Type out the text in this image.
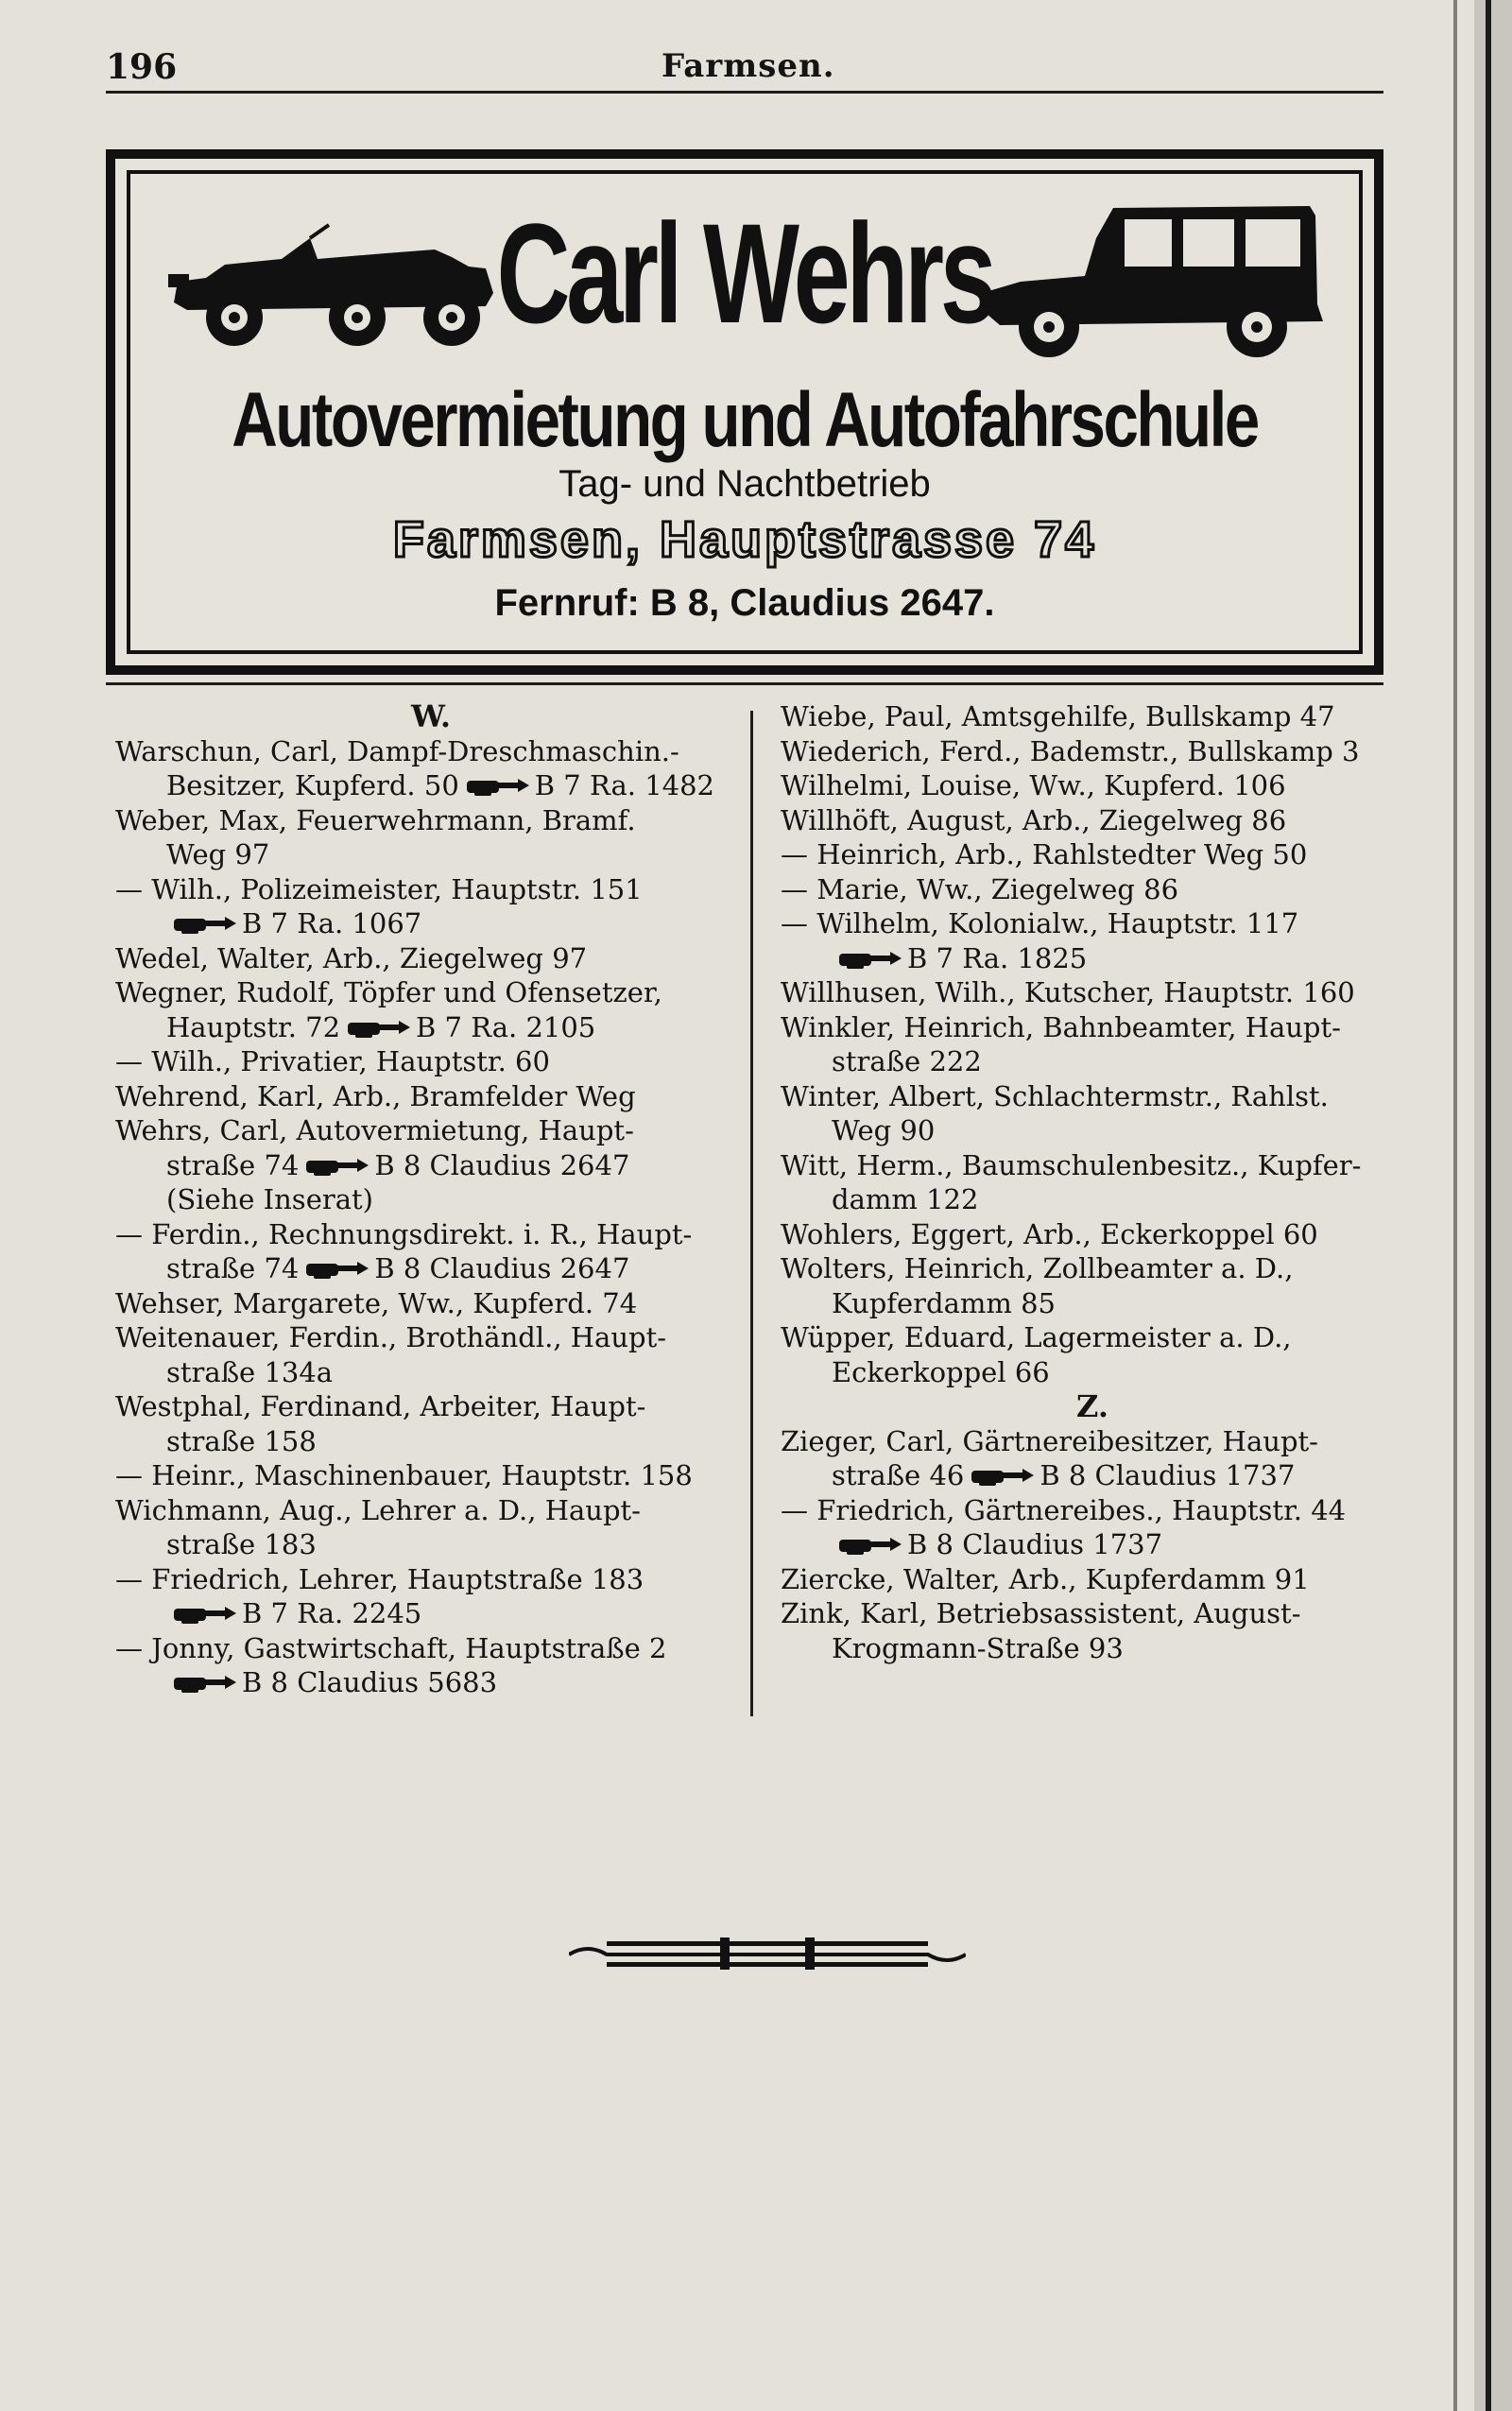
196	Farmsen.
Carl Wehrs
Autovermietung und Autofahrschule
Tag- und Nachtbetrieb
Farmsen, Hauptstrasse 74
Fernruf: B 8, Claudius 2647.
W.
Warschun, Carl, Dampf-Dreschmaschin.-
Besitzer, Kupferd. 50	B 7 Ra. 1482
Weber, Max, Feuerwehrmann, Bramf.
Weg 97
— Wilh., Polizeimeister, Hauptstr. 151
B 7 Ra. 1067
Wedel, Walter, Arb., Ziegelweg 97
Wegner, Rudolf, Töpfer und Ofensetzer,
Hauptstr. 72	B 7 Ra. 2105
— Wilh., Privatier, Hauptstr. 60
Wehrend, Karl, Arb., Bramfelder Weg
Wehrs, Carl, Autovermietung, Haupt-
straße 74	B 8 Claudius 2647
(Siehe Inserat)
— Ferdin., Rechnungsdirekt. i. R., Haupt-
straße 74	B 8 Claudius 2647
Wehser, Margarete, Ww., Kupferd. 74
Weitenauer, Ferdin., Brothändl., Haupt-
straße 134a
Westphal, Ferdinand, Arbeiter, Haupt-
straße 158
— Heinr., Maschinenbauer, Hauptstr. 158
Wichmann, Aug., Lehrer a. D., Haupt-
straße 183
— Friedrich, Lehrer, Hauptstraße 183
B 7 Ra. 2245
— Jonny, Gastwirtschaft, Hauptstraße 2
B 8 Claudius 5683
Wiebe, Paul, Amtsgehilfe, Bullskamp 47
Wiederich, Ferd., Bademstr., Bullskamp 3
Wilhelmi, Louise, Ww., Kupferd. 106
Willhöft, August, Arb., Ziegelweg 86
— Heinrich, Arb., Rahlstedter Weg 50
— Marie, Ww., Ziegelweg 86
— Wilhelm, Kolonialw., Hauptstr. 117
B 7 Ra. 1825
Willhusen, Wilh., Kutscher, Hauptstr. 160
Winkler, Heinrich, Bahnbeamter, Haupt-
straße 222
Winter, Albert, Schlachtermstr., Rahlst.
Weg 90
Witt, Herm., Baumschulenbesitz., Kupfer-
damm 122
Wohlers, Eggert, Arb., Eckerkoppel 60
Wolters, Heinrich, Zollbeamter a. D.,
Kupferdamm 85
Wüpper, Eduard, Lagermeister a. D.,
Eckerkoppel 66
Z.
Zieger, Carl, Gärtnereibesitzer, Haupt-
straße 46	B 8 Claudius 1737
— Friedrich, Gärtnereibes., Hauptstr. 44
B 8 Claudius 1737
Ziercke, Walter, Arb., Kupferdamm 91
Zink, Karl, Betriebsassistent, August-
Krogmann-Straße 93
